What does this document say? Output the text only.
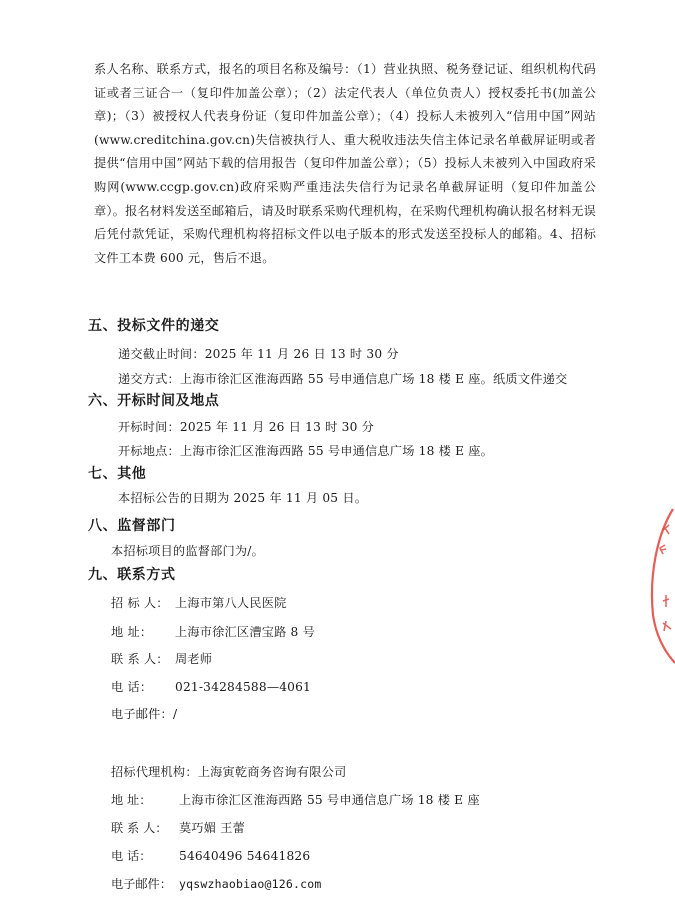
系人名称、联系方式，报名的项目名称及编号：（1）营业执照、税务登记证、组织机构代码证或者三证合一（复印件加盖公章）；（2）法定代表人（单位负责人）授权委托书(加盖公章)；（3）被授权人代表身份证（复印件加盖公章）；（4）投标人未被列入“信用中国”网站(www.creditchina.gov.cn)失信被执行人、重大税收违法失信主体记录名单截屏证明或者提供“信用中国”网站下载的信用报告（复印件加盖公章）；（5）投标人未被列入中国政府采购网(www.ccgp.gov.cn)政府采购严重违法失信行为记录名单截屏证明（复印件加盖公章）。报名材料发送至邮箱后，请及时联系采购代理机构，在采购代理机构确认报名材料无误后凭付款凭证，采购代理机构将招标文件以电子版本的形式发送至投标人的邮箱。4、招标文件工本费 600 元，售后不退。
五、投标文件的递交
递交截止时间：2025 年 11 月 26 日 13 时 30 分
递交方式：上海市徐汇区淮海西路 55 号申通信息广场 18 楼 E 座。纸质文件递交
六、开标时间及地点
开标时间：2025 年 11 月 26 日 13 时 30 分
开标地点：上海市徐汇区淮海西路 55 号申通信息广场 18 楼 E 座。
七、其他
本招标公告的日期为 2025 年 11 月 05 日。
八、监督部门
本招标项目的监督部门为/。
九、联系方式
招 标 人： 上海市第八人民医院
地 址： 上海市徐汇区漕宝路 8 号
联 系 人： 周老师
电 话： 021-34284588—4061
电子邮件：/
招标代理机构：上海寅乾商务咨询有限公司
地 址： 上海市徐汇区淮海西路 55 号申通信息广场 18 楼 E 座
联 系 人： 莫巧媚 王蕾
电 话： 54640496 54641826
电子邮件： yqswzhaobiao@126.com
